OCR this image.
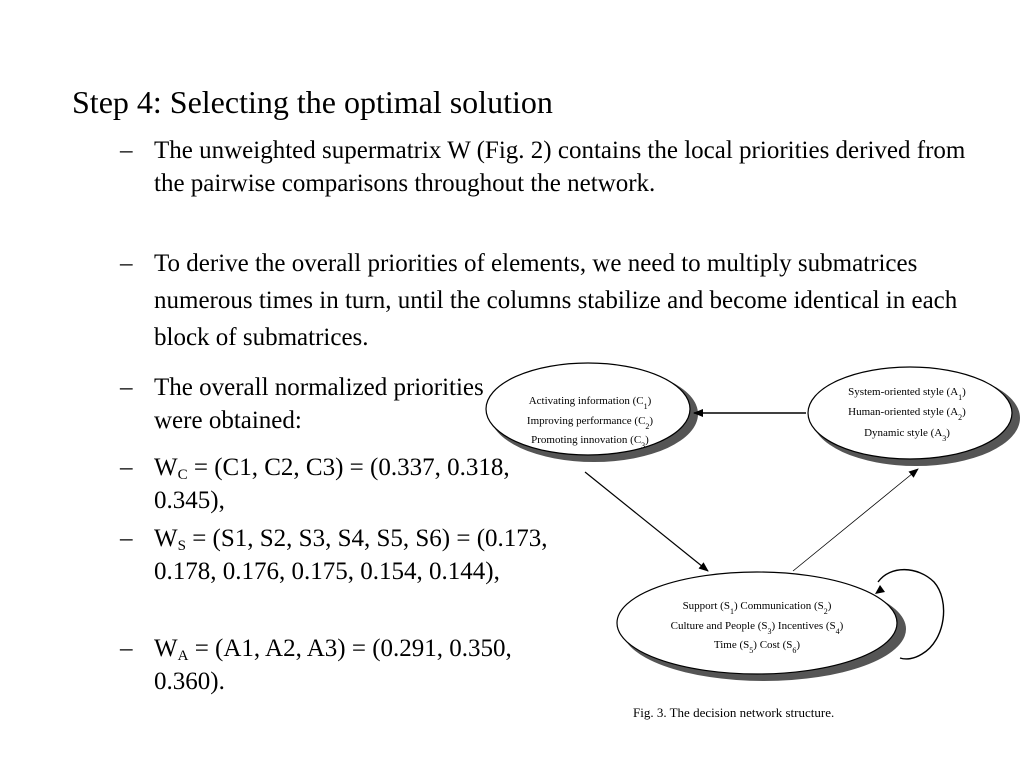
Step 4: Selecting the optimal solution
– The unweighted supermatrix W (Fig. 2) contains the local priorities derived from the pairwise comparisons throughout the network.
– To derive the overall priorities of elements, we need to multiply submatrices numerous times in turn, until the columns stabilize and become identical in each block of submatrices.
– The overall normalized priorities were obtained:
– $W_C = (C1$, C2, C3) = (0.337, 0.318, 0.345),
– $W_S = (S1$, S2, S3, S4, S5, S6) = (0.173, 0.178, 0.176, 0.175, 0.154, 0.144),
– $W_A = (A1$, A2, A3) = (0.291, 0.350, 0.360).
Activating information $(C_1)$
Improving performance $(C_2)$
Promoting innovation $(C_3)$
System-oriented style $(A_1)$
Human-oriented style $(A_2)$
Dynamic style $(A_3)$
Support $(S_1)$ Communication $(S_2)$
Culture and People $(S_3)$ Incentives $(S_4)$
Time $(S_5)$ Cost $(S_6)$
Fig. 3. The decision network structure.
